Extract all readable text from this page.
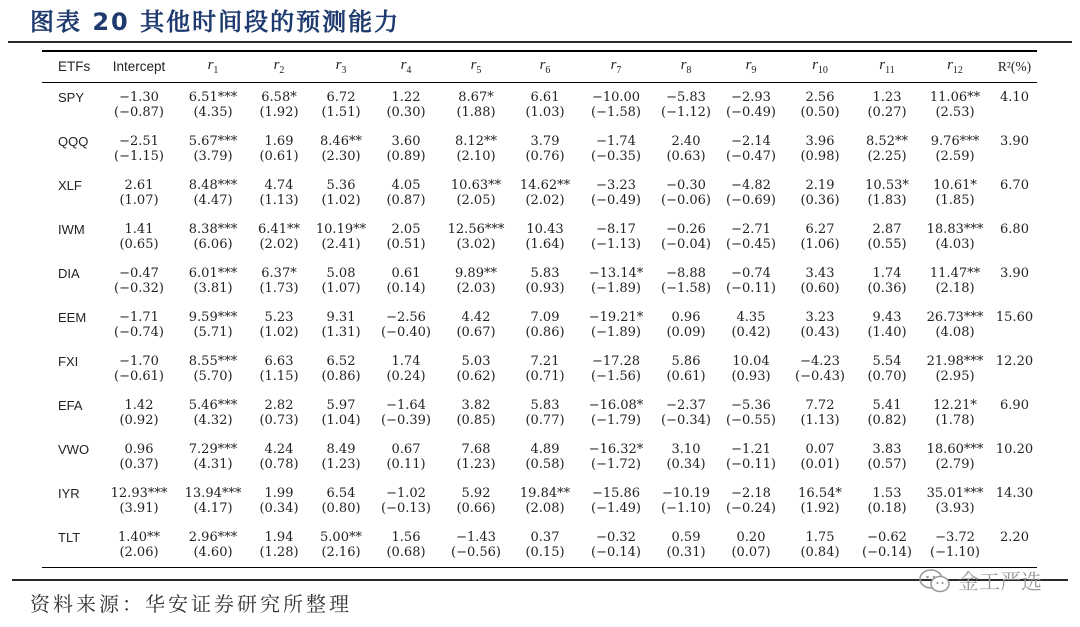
图表 20 其他时间段的预测能力
ETFs	Intercept	$r_1$	$r_2$	$r_3$	$r_4$	$r_5$	$r_6$	$r_7$	$r_8$	$r_9$	$r_{10}$	$r_{11}$	$r_{12}$	R²(%)

SPY	−1.30	6.51***	6.58*	6.72	1.22	8.67*	6.61	−10.00	−5.83	−2.93	2.56	1.23	11.06**	4.10
	(−0.87)	(4.35)	(1.92)	(1.51)	(0.30)	(1.88)	(1.03)	(−1.58)	(−1.12)	(−0.49)	(0.50)	(0.27)	(2.53)	
QQQ	−2.51	5.67***	1.69	8.46**	3.60	8.12**	3.79	−1.74	2.40	−2.14	3.96	8.52**	9.76***	3.90
	(−1.15)	(3.79)	(0.61)	(2.30)	(0.89)	(2.10)	(0.76)	(−0.35)	(0.63)	(−0.47)	(0.98)	(2.25)	(2.59)	
XLF	2.61	8.48***	4.74	5.36	4.05	10.63**	14.62**	−3.23	−0.30	−4.82	2.19	10.53*	10.61*	6.70
	(1.07)	(4.47)	(1.13)	(1.02)	(0.87)	(2.05)	(2.02)	(−0.49)	(−0.06)	(−0.69)	(0.36)	(1.83)	(1.85)	
IWM	1.41	8.38***	6.41**	10.19**	2.05	12.56***	10.43	−8.17	−0.26	−2.71	6.27	2.87	18.83***	6.80
	(0.65)	(6.06)	(2.02)	(2.41)	(0.51)	(3.02)	(1.64)	(−1.13)	(−0.04)	(−0.45)	(1.06)	(0.55)	(4.03)	
DIA	−0.47	6.01***	6.37*	5.08	0.61	9.89**	5.83	−13.14*	−8.88	−0.74	3.43	1.74	11.47**	3.90
	(−0.32)	(3.81)	(1.73)	(1.07)	(0.14)	(2.03)	(0.93)	(−1.89)	(−1.58)	(−0.11)	(0.60)	(0.36)	(2.18)	
EEM	−1.71	9.59***	5.23	9.31	−2.56	4.42	7.09	−19.21*	0.96	4.35	3.23	9.43	26.73***	15.60
	(−0.74)	(5.71)	(1.02)	(1.31)	(−0.40)	(0.67)	(0.86)	(−1.89)	(0.09)	(0.42)	(0.43)	(1.40)	(4.08)	
FXI	−1.70	8.55***	6.63	6.52	1.74	5.03	7.21	−17.28	5.86	10.04	−4.23	5.54	21.98***	12.20
	(−0.61)	(5.70)	(1.15)	(0.86)	(0.24)	(0.62)	(0.71)	(−1.56)	(0.61)	(0.93)	(−0.43)	(0.70)	(2.95)	
EFA	1.42	5.46***	2.82	5.97	−1.64	3.82	5.83	−16.08*	−2.37	−5.36	7.72	5.41	12.21*	6.90
	(0.92)	(4.32)	(0.73)	(1.04)	(−0.39)	(0.85)	(0.77)	(−1.79)	(−0.34)	(−0.55)	(1.13)	(0.82)	(1.78)	
VWO	0.96	7.29***	4.24	8.49	0.67	7.68	4.89	−16.32*	3.10	−1.21	0.07	3.83	18.60***	10.20
	(0.37)	(4.31)	(0.78)	(1.23)	(0.11)	(1.23)	(0.58)	(−1.72)	(0.34)	(−0.11)	(0.01)	(0.57)	(2.79)	
IYR	12.93***	13.94***	1.99	6.54	−1.02	5.92	19.84**	−15.86	−10.19	−2.18	16.54*	1.53	35.01***	14.30
	(3.91)	(4.17)	(0.34)	(0.80)	(−0.13)	(0.66)	(2.08)	(−1.49)	(−1.10)	(−0.24)	(1.92)	(0.18)	(3.93)	
TLT	1.40**	2.96***	1.94	5.00**	1.56	−1.43	0.37	−0.32	0.59	0.20	1.75	−0.62	−3.72	2.20
	(2.06)	(4.60)	(1.28)	(2.16)	(0.68)	(−0.56)	(0.15)	(−0.14)	(0.31)	(0.07)	(0.84)	(−0.14)	(−1.10)	

资料来源：华安证券研究所整理
金工严选
